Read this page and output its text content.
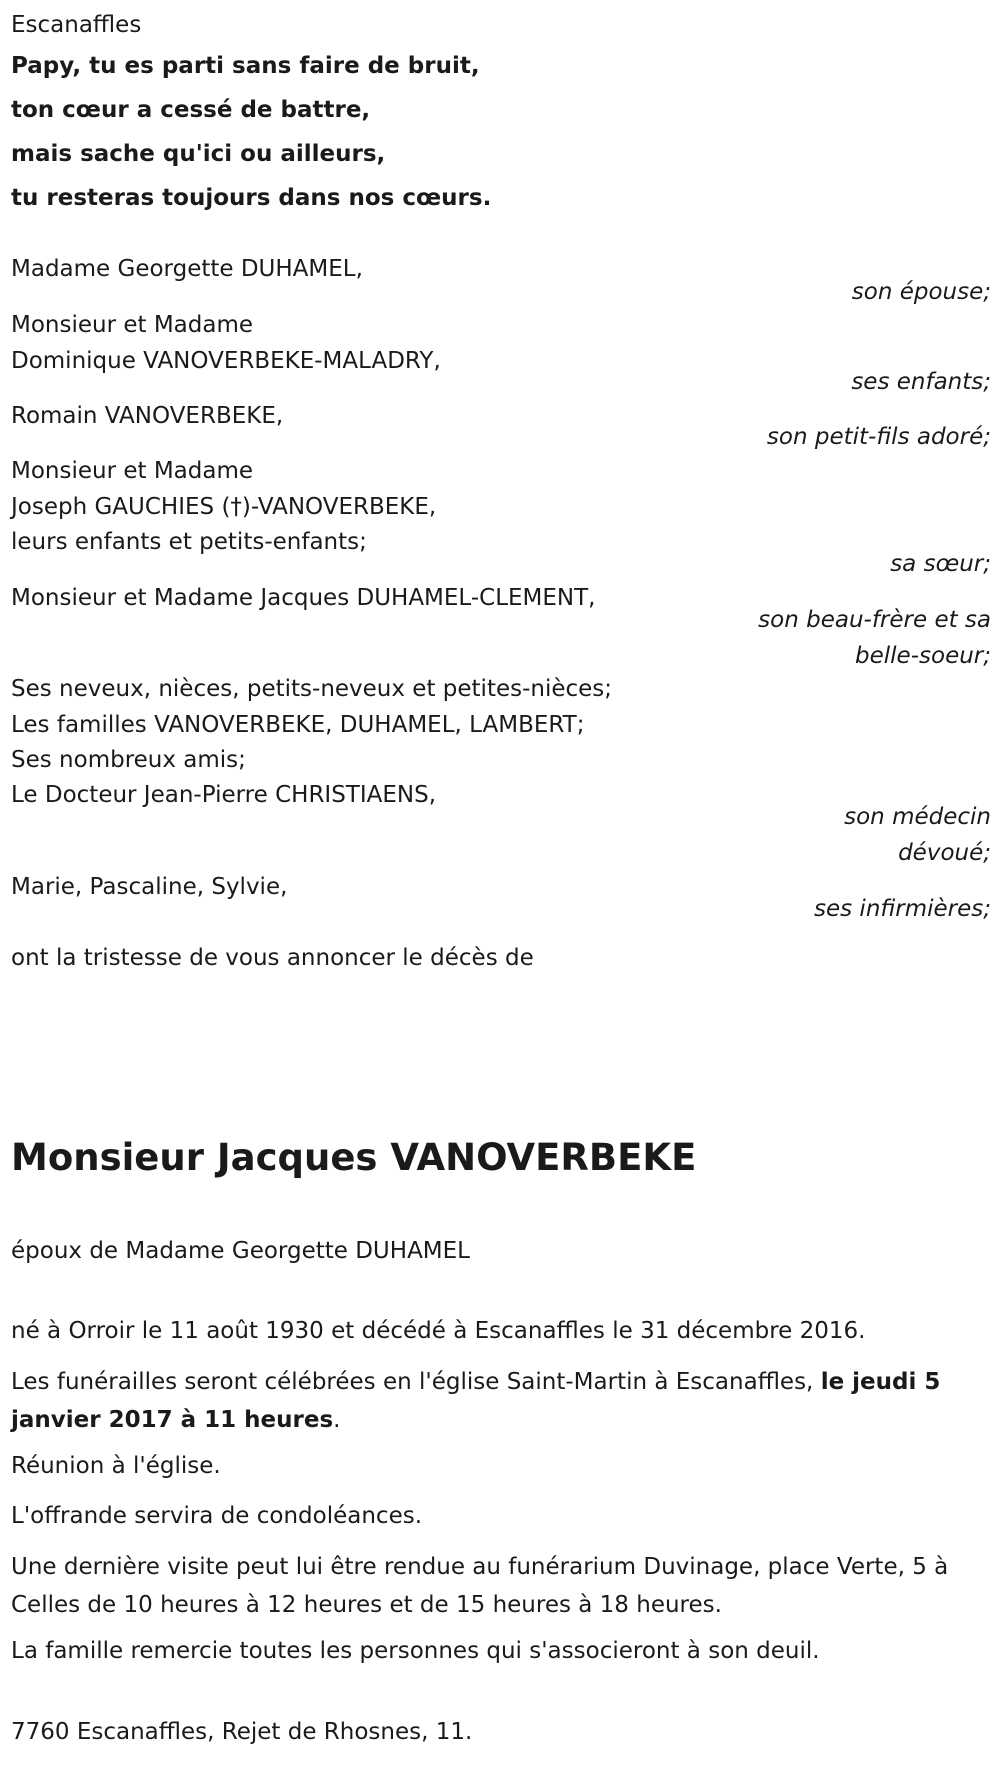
Escanaffles
Papy, tu es parti sans faire de bruit,
ton cœur a cessé de battre,
mais sache qu'ici ou ailleurs,
tu resteras toujours dans nos cœurs.
Madame Georgette DUHAMEL,
son épouse;
Monsieur et Madame
Dominique VANOVERBEKE-MALADRY,
ses enfants;
Romain VANOVERBEKE,
son petit-fils adoré;
Monsieur et Madame
Joseph GAUCHIES (†)-VANOVERBEKE,
leurs enfants et petits-enfants;
sa sœur;
Monsieur et Madame Jacques DUHAMEL-CLEMENT,
son beau-frère et sa
belle-soeur;
Ses neveux, nièces, petits-neveux et petites-nièces;
Les familles VANOVERBEKE, DUHAMEL, LAMBERT;
Ses nombreux amis;
Le Docteur Jean-Pierre CHRISTIAENS,
son médecin
dévoué;
Marie, Pascaline, Sylvie,
ses infirmières;
ont la tristesse de vous annoncer le décès de
Monsieur Jacques VANOVERBEKE
époux de Madame Georgette DUHAMEL
né à Orroir le 11 août 1930 et décédé à Escanaffles le 31 décembre 2016.
Les funérailles seront célébrées en l'église Saint-Martin à Escanaffles, le jeudi 5 janvier 2017 à 11 heures.
Réunion à l'église.
L'offrande servira de condoléances.
Une dernière visite peut lui être rendue au funérarium Duvinage, place Verte, 5 à Celles de 10 heures à 12 heures et de 15 heures à 18 heures.
La famille remercie toutes les personnes qui s'associeront à son deuil.
7760 Escanaffles, Rejet de Rhosnes, 11.
